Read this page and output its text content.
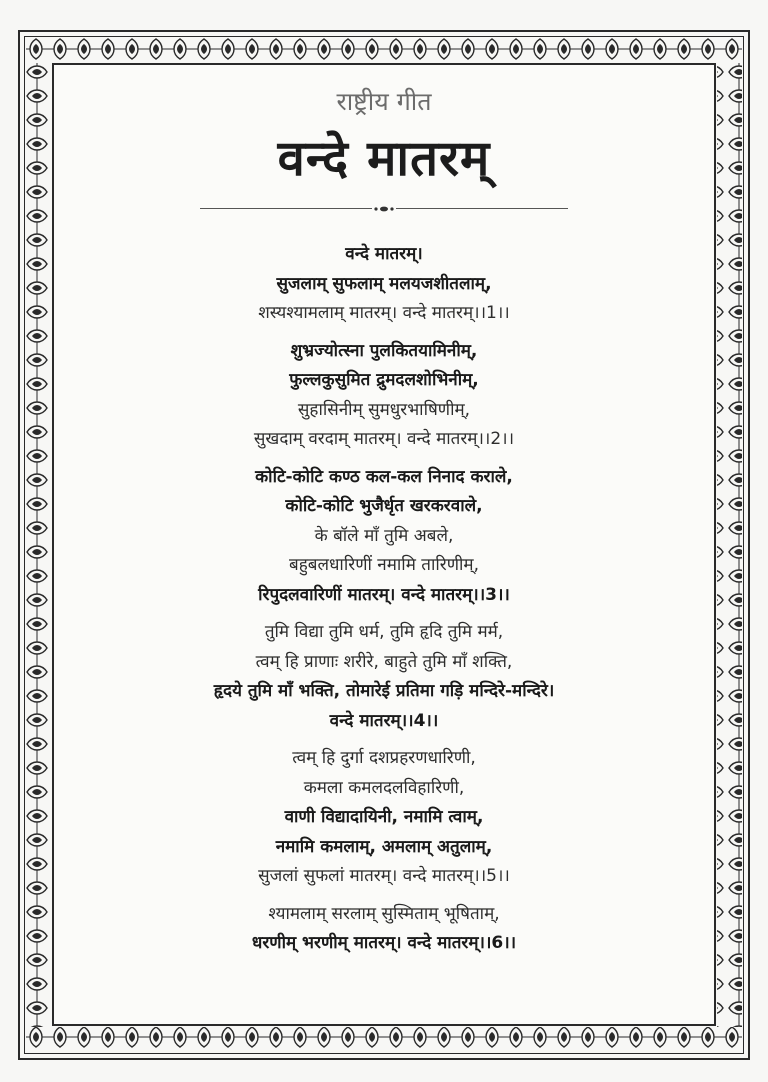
राष्ट्रीय गीत
वन्दे मातरम्
वन्दे मातरम्।
सुजलाम् सुफलाम् मलयजशीतलाम्,
शस्यश्यामलाम् मातरम्। वन्दे मातरम्।।1।।
शुभ्रज्योत्स्ना पुलकितयामिनीम्,
फुल्लकुसुमित द्रुमदलशोभिनीम्,
सुहासिनीम् सुमधुरभाषिणीम्,
सुखदाम् वरदाम् मातरम्। वन्दे मातरम्।।2।।
कोटि-कोटि कण्ठ कल-कल निनाद कराले,
कोटि-कोटि भुजैर्धृत खरकरवाले,
के बॉले माँ तुमि अबले,
बहुबलधारिणीं नमामि तारिणीम्,
रिपुदलवारिणीं मातरम्। वन्दे मातरम्।।3।।
तुमि विद्या तुमि धर्म, तुमि हृदि तुमि मर्म,
त्वम् हि प्राणाः शरीरे, बाहुते तुमि माँ शक्ति,
हृदये तुमि माँ भक्ति, तोमारेई प्रतिमा गड़ि मन्दिरे-मन्दिरे।
वन्दे मातरम्।।4।।
त्वम् हि दुर्गा दशप्रहरणधारिणी,
कमला कमलदलविहारिणी,
वाणी विद्यादायिनी, नमामि त्वाम्,
नमामि कमलाम्, अमलाम् अतुलाम्,
सुजलां सुफलां मातरम्। वन्दे मातरम्।।5।।
श्यामलाम् सरलाम् सुस्मिताम् भूषिताम्,
धरणीम् भरणीम् मातरम्। वन्दे मातरम्।।6।।
